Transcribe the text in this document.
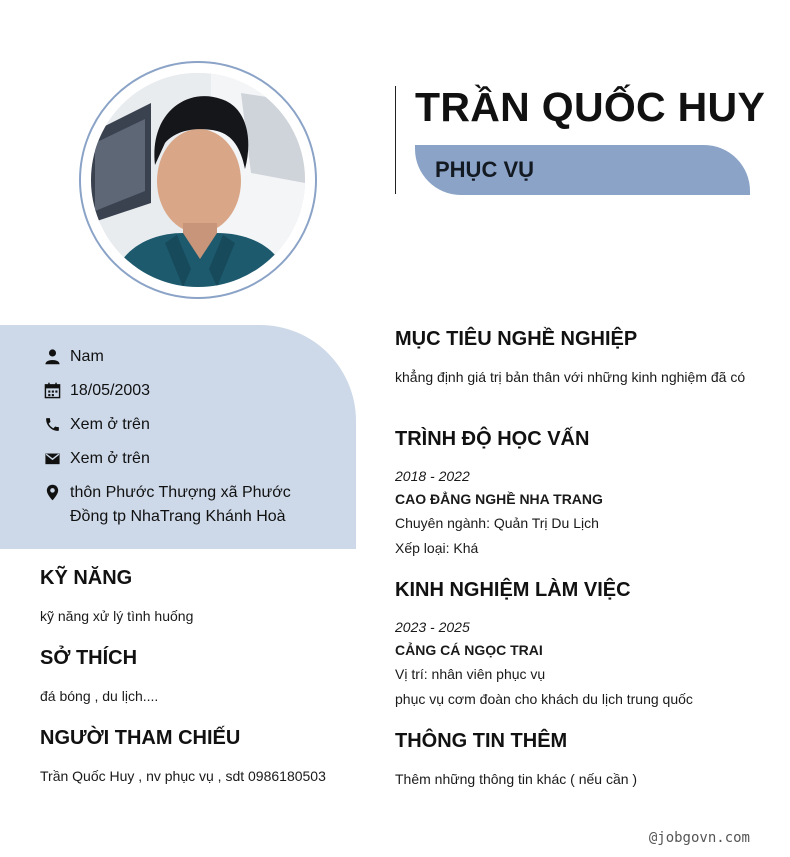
TRẦN QUỐC HUY
PHỤC VỤ
Nam
18/05/2003
Xem ở trên
Xem ở trên
thôn Phước Thượng xã Phước Đồng tp NhaTrang Khánh Hoà
KỸ NĂNG
kỹ năng xử lý tình huống
SỞ THÍCH
đá bóng , du lịch....
NGƯỜI THAM CHIẾU
Trần Quốc Huy , nv phục vụ , sdt 0986180503
MỤC TIÊU NGHỀ NGHIỆP
khẳng định giá trị bản thân với những kinh nghiệm đã có
TRÌNH ĐỘ HỌC VẤN
2018 - 2022
CAO ĐẲNG NGHỀ NHA TRANG
Chuyên ngành: Quản Trị Du Lịch
Xếp loại: Khá
KINH NGHIỆM LÀM VIỆC
2023 - 2025
CẢNG CÁ NGỌC TRAI
Vị trí: nhân viên phục vụ
phục vụ cơm đoàn cho khách du lịch trung quốc
THÔNG TIN THÊM
Thêm những thông tin khác ( nếu cần )
@jobgovn.com
